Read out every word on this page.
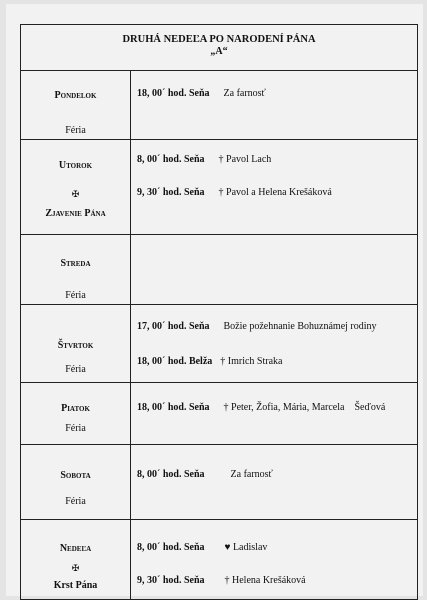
DRUHÁ NEDEĽA PO NARODENÍ PÁNA
„A“
Pondelok
Féria
18, 00´ hod. Seňa Za farnosť
Utorok
✠
Zjavenie Pána
8, 00´ hod. Seňa † Pavol Lach
9, 30´ hod. Seňa † Pavol a Helena Krešáková
Streda
Féria
Štvrtok
Féria
17, 00´ hod. Seňa Božie požehnanie Bohuznámej rodiny
18, 00´ hod. Belža † Imrich Straka
Piatok
Féria
18, 00´ hod. Seňa † Peter, Žofia, Mária, Marcela    Šeďová
Sobota
Féria
8, 00´ hod. Seňa	Za farnosť
Nedeľa
✠
Krst Pána
8, 00´ hod. Seňa ♥ Ladislav
9, 30´ hod. Seňa † Helena Krešáková
